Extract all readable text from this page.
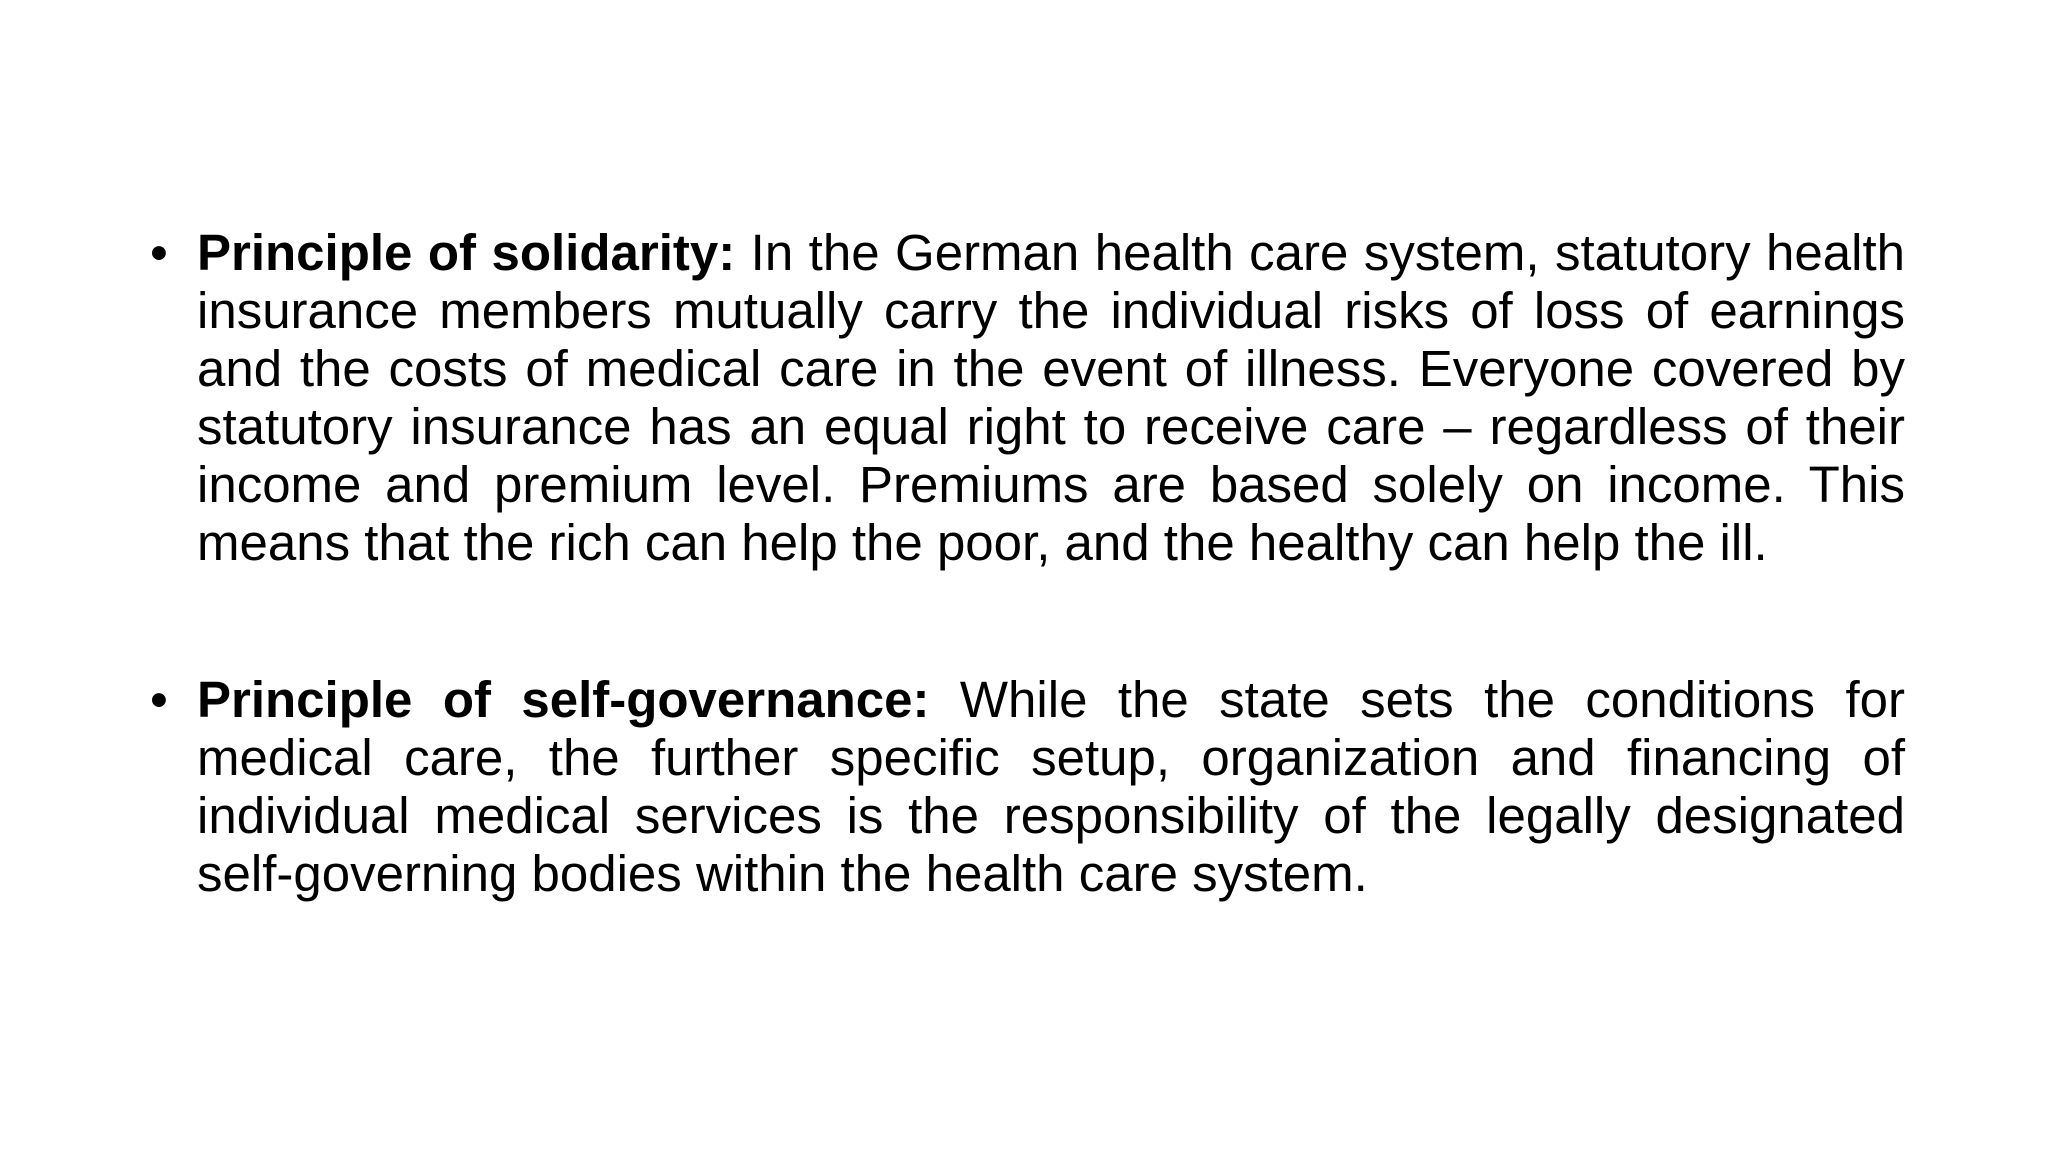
• Principle of solidarity: In the German health care system, statutory health insurance members mutually carry the individual risks of loss of earnings and the costs of medical care in the event of illness. Everyone covered by statutory insurance has an equal right to receive care – regardless of their income and premium level. Premiums are based solely on income. This means that the rich can help the poor, and the healthy can help the ill.
• Principle of self-governance: While the state sets the conditions for medical care, the further specific setup, organization and financing of individual medical services is the responsibility of the legally designated self-governing bodies within the health care system.
